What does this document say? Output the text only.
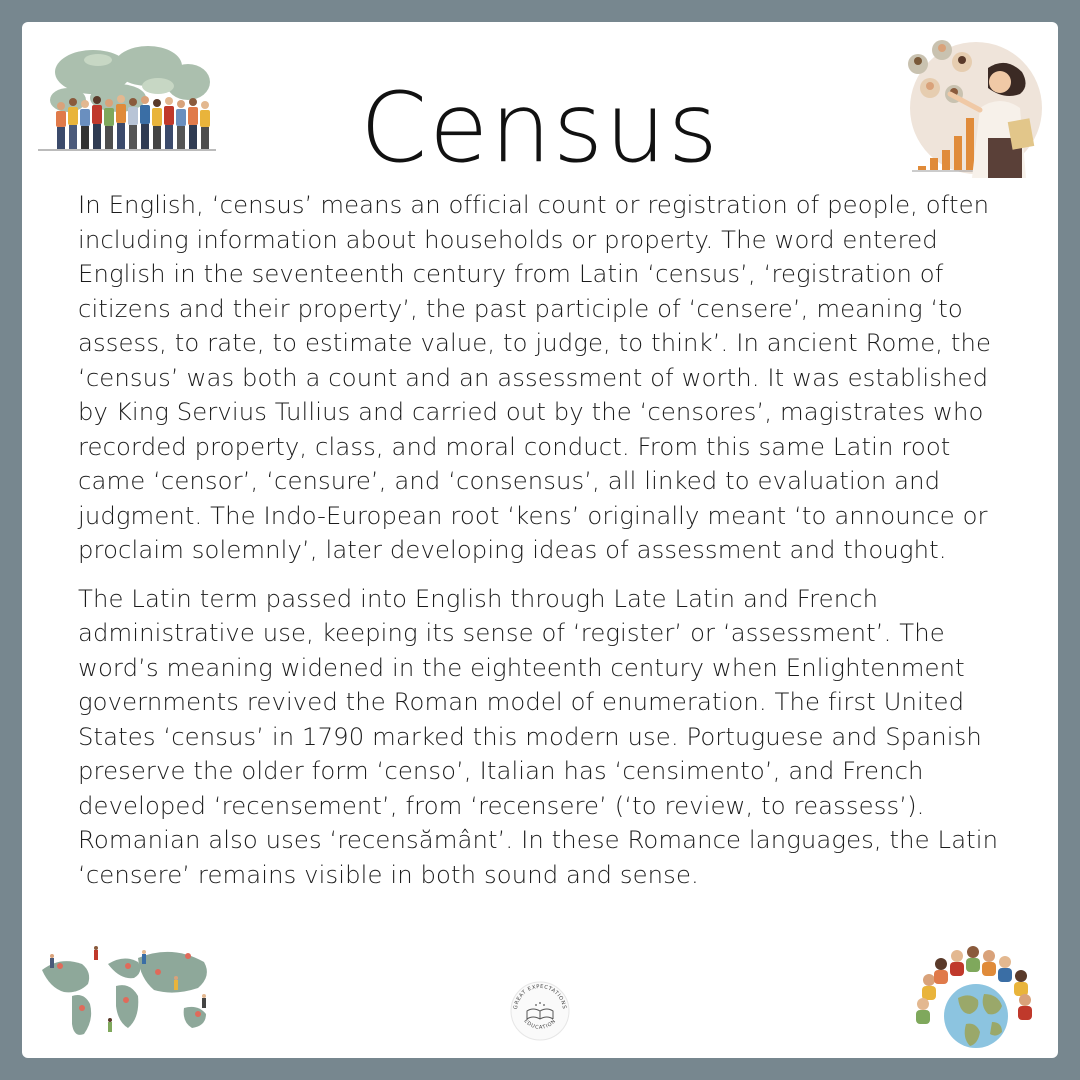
Census

In English, ‘census’ means an official count or registration of people, often including information about households or property. The word entered English in the seventeenth century from Latin ‘census’, ‘registration of citizens and their property’, the past participle of ‘censere’, meaning ‘to assess, to rate, to estimate value, to judge, to think’. In ancient Rome, the ‘census’ was both a count and an assessment of worth. It was established by King Servius Tullius and carried out by the ‘censores’, magistrates who recorded property, class, and moral conduct. From this same Latin root came ‘censor’, ‘censure’, and ‘consensus’, all linked to evaluation and judgment. The Indo-European root ‘kens’ originally meant ‘to announce or proclaim solemnly’, later developing ideas of assessment and thought.

The Latin term passed into English through Late Latin and French administrative use, keeping its sense of ‘register’ or ‘assessment’. The word’s meaning widened in the eighteenth century when Enlightenment governments revived the Roman model of enumeration. The first United States ‘census’ in 1790 marked this modern use. Portuguese and Spanish preserve the older form ‘censo’, Italian has ‘censimento’, and French developed ‘recensement’, from ‘recensere’ (‘to review, to reassess’). Romanian also uses ‘recensământ’. In these Romance languages, the Latin ‘censere’ remains visible in both sound and sense.

GREAT EXPECTATIONS
EDUCATION
